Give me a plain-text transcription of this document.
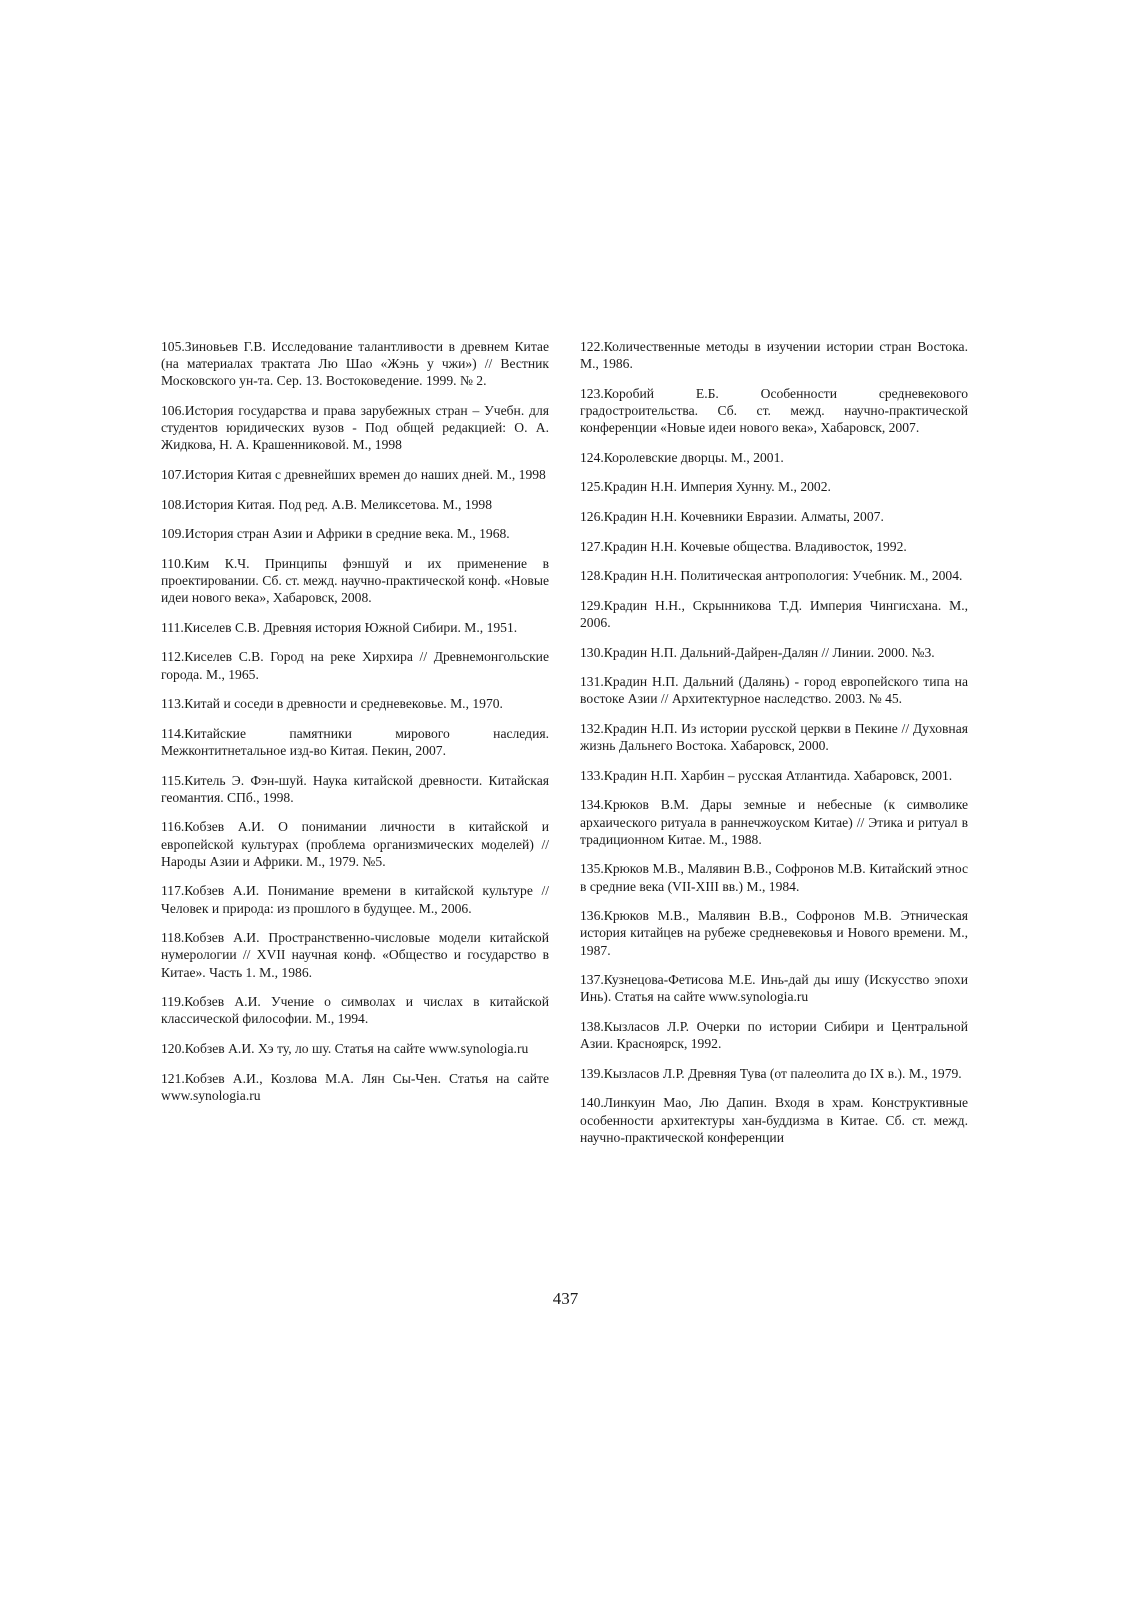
105.Зиновьев Г.В. Исследование талантливости в древнем Китае (на материалах трактата Лю Шао «Жэнь у чжи») // Вестник Московского ун-та. Сер. 13. Востоковедение. 1999. № 2.

106.История государства и права зарубежных стран – Учебн. для студентов юридических вузов - Под общей редакцией: О. А. Жидкова, Н. А. Крашенниковой. М., 1998

107.История Китая с древнейших времен до наших дней. М., 1998

108.История Китая. Под ред. А.В. Меликсетова. М., 1998

109.История стран Азии и Африки в средние века. М., 1968.

110.Ким К.Ч. Принципы фэншуй и их применение в проектировании. Сб. ст. межд. научно-практической конф. «Новые идеи нового века», Хабаровск, 2008.

111.Киселев С.В. Древняя история Южной Сибири. М., 1951.

112.Киселев С.В. Город на реке Хирхира // Древнемонгольские города. М., 1965.

113.Китай и соседи в древности и средневековье. М., 1970.

114.Китайские памятники мирового наследия. Межконтитнетальное изд-во Китая. Пекин, 2007.

115.Китель Э. Фэн-шуй. Наука китайской древности. Китайская геомантия. СПб., 1998.

116.Кобзев А.И. О понимании личности в китайской и европейской культурах (проблема организмических моделей) // Народы Азии и Африки. М., 1979. №5.

117.Кобзев А.И. Понимание времени в китайской культуре // Человек и природа: из прошлого в будущее. М., 2006.

118.Кобзев А.И. Пространственно-числовые модели китайской нумерологии // XVII научная конф. «Общество и государство в Китае». Часть 1. М., 1986.

119.Кобзев А.И. Учение о символах и числах в китайской классической философии. М., 1994.

120.Кобзев А.И. Хэ ту, ло шу. Статья на сайте www.synologia.ru

121.Кобзев А.И., Козлова М.А. Лян Сы-Чен. Статья на сайте www.synologia.ru

122.Количественные методы в изучении истории стран Востока. М., 1986.

123.Коробий Е.Б. Особенности средневекового градостроительства. Сб. ст. межд. научно-практической конференции «Новые идеи нового века», Хабаровск, 2007.

124.Королевские дворцы. М., 2001.

125.Крадин Н.Н. Империя Хунну. М., 2002.

126.Крадин Н.Н. Кочевники Евразии. Алматы, 2007.

127.Крадин Н.Н. Кочевые общества. Владивосток, 1992.

128.Крадин Н.Н. Политическая антропология: Учебник. М., 2004.

129.Крадин Н.Н., Скрынникова Т.Д. Империя Чингисхана. М., 2006.

130.Крадин Н.П. Дальний-Дайрен-Далян // Линии. 2000. №3.

131.Крадин Н.П. Дальний (Далянь) - город европейского типа на востоке Азии // Архитектурное наследство. 2003. № 45.

132.Крадин Н.П. Из истории русской церкви в Пекине // Духовная жизнь Дальнего Востока. Хабаровск, 2000.

133.Крадин Н.П. Харбин – русская Атлантида. Хабаровск, 2001.

134.Крюков В.М. Дары земные и небесные (к символике архаического ритуала в раннечжоуском Китае) // Этика и ритуал в традиционном Китае. М., 1988.

135.Крюков М.В., Малявин В.В., Софронов М.В. Китайский этнос в средние века (VII-XIII вв.) М., 1984.

136.Крюков М.В., Малявин В.В., Софронов М.В. Этническая история китайцев на рубеже средневековья и Нового времени. М., 1987.

137.Кузнецова-Фетисова М.Е. Инь-дай ды ишу (Искусство эпохи Инь). Статья на сайте www.synologia.ru

138.Кызласов Л.Р. Очерки по истории Сибири и Центральной Азии. Красноярск, 1992.

139.Кызласов Л.Р. Древняя Тува (от палеолита до IX в.). М., 1979.

140.Линкуин Мао, Лю Дапин. Входя в храм. Конструктивные особенности архитектуры хан-буддизма в Китае. Сб. ст. межд. научно-практической конференции

437
